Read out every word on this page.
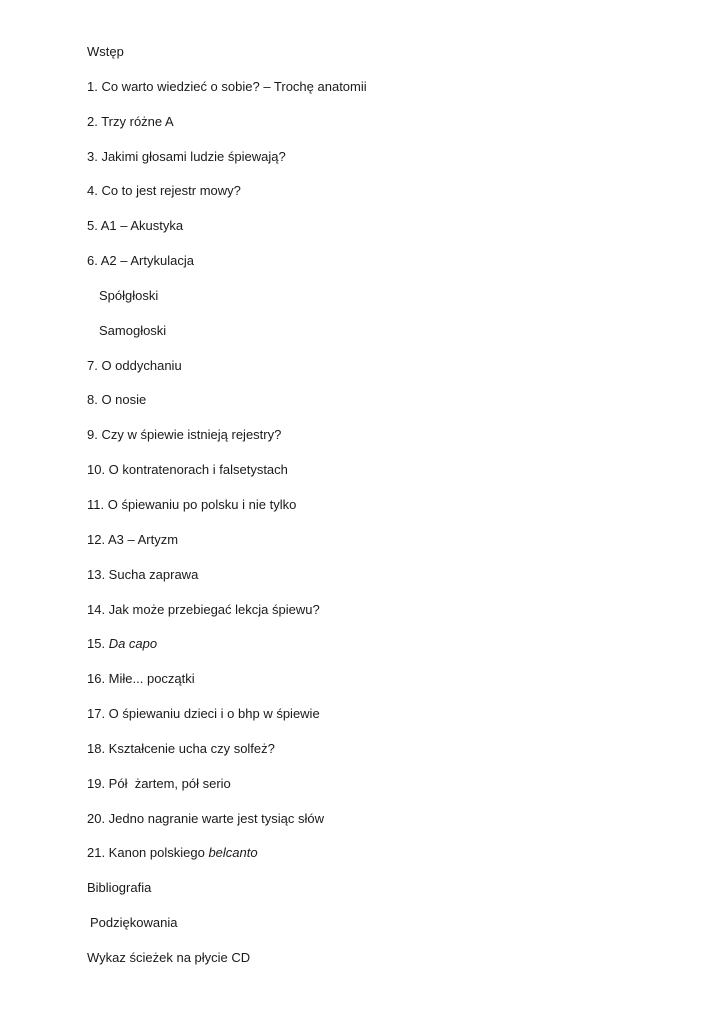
Wstęp
1. Co warto wiedzieć o sobie? – Trochę anatomii
2. Trzy różne A
3. Jakimi głosami ludzie śpiewają?
4. Co to jest rejestr mowy?
5. A1 – Akustyka
6. A2 – Artykulacja
Spółgłoski
Samogłoski
7. O oddychaniu
8. O nosie
9. Czy w śpiewie istnieją rejestry?
10. O kontratenorach i falsetystach
11. O śpiewaniu po polsku i nie tylko
12. A3 – Artyzm
13. Sucha zaprawa
14. Jak może przebiegać lekcja śpiewu?
15. Da capo
16. Miłe... początki
17. O śpiewaniu dzieci i o bhp w śpiewie
18. Kształcenie ucha czy solfeż?
19. Pół  żartem, pół serio
20. Jedno nagranie warte jest tysiąc słów
21. Kanon polskiego belcanto
Bibliografia
Podziękowania
Wykaz ścieżek na płycie CD
